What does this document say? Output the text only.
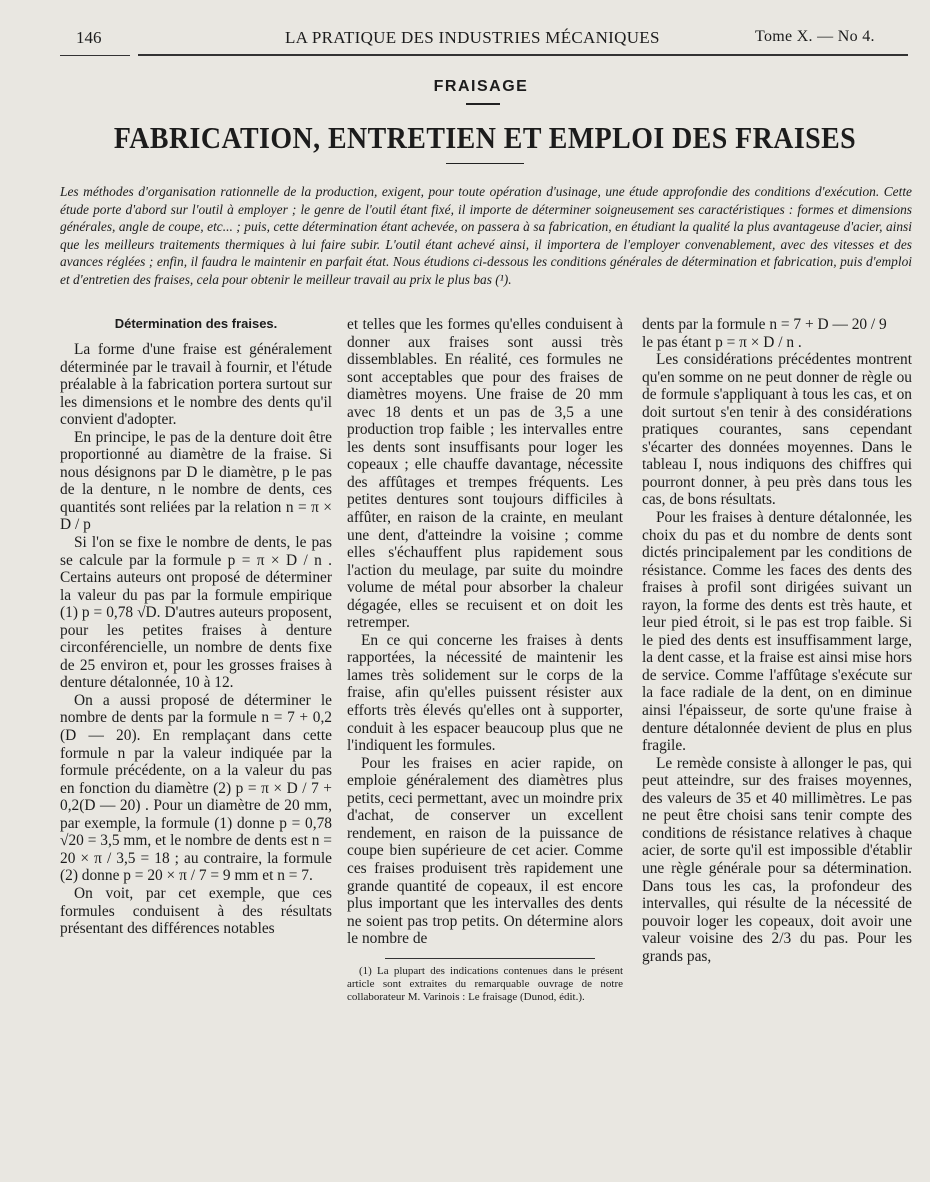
146	LA PRATIQUE DES INDUSTRIES MÉCANIQUES	Tome X. — No 4.
FRAISAGE
FABRICATION, ENTRETIEN ET EMPLOI DES FRAISES
Les méthodes d'organisation rationnelle de la production, exigent, pour toute opération d'usinage, une étude approfondie des conditions d'exécution. Cette étude porte d'abord sur l'outil à employer ; le genre de l'outil étant fixé, il importe de déterminer soigneusement ses caractéristiques : formes et dimensions générales, angle de coupe, etc... ; puis, cette détermination étant achevée, on passera à sa fabrication, en étudiant la qualité la plus avantageuse d'acier, ainsi que les meilleurs traitements thermiques à lui faire subir. L'outil étant achevé ainsi, il importera de l'employer convenablement, avec des vitesses et des avances réglées ; enfin, il faudra le maintenir en parfait état. Nous étudions ci-dessous les conditions générales de détermination et fabrication, puis d'emploi et d'entretien des fraises, cela pour obtenir le meilleur travail au prix le plus bas (¹).
Détermination des fraises.

La forme d'une fraise est généralement déterminée par le travail à fournir, et l'étude préalable à la fabrication portera surtout sur les dimensions et le nombre des dents qu'il convient d'adopter.

En principe, le pas de la denture doit être proportionné au diamètre de la fraise. Si nous désignons par D le diamètre, p le pas de la denture, n le nombre de dents, ces quantités sont reliées par la relation n = π × D / p

Si l'on se fixe le nombre de dents, le pas se calcule par la formule p = π × D / n . Certains auteurs ont proposé de déterminer la valeur du pas par la formule empirique (1) p = 0,78 √D. D'autres auteurs proposent, pour les petites fraises à denture circonférencielle, un nombre de dents fixe de 25 environ et, pour les grosses fraises à denture détalonnée, 10 à 12.

On a aussi proposé de déterminer le nombre de dents par la formule n = 7 + 0,2 (D — 20). En remplaçant dans cette formule n par la valeur indiquée par la formule précédente, on a la valeur du pas en fonction du diamètre (2) p = π × D / 7 + 0,2(D — 20) . Pour un diamètre de 20 mm, par exemple, la formule (1) donne p = 0,78 √20 = 3,5 mm, et le nombre de dents est n = 20 × π / 3,5 = 18 ; au contraire, la formule (2) donne p = 20 × π / 7 = 9 mm et n = 7.

On voit, par cet exemple, que ces formules conduisent à des résultats présentant des différences notables

et telles que les formes qu'elles conduisent à donner aux fraises sont aussi très dissemblables. En réalité, ces formules ne sont acceptables que pour des fraises de diamètres moyens. Une fraise de 20 mm avec 18 dents et un pas de 3,5 a une production trop faible ; les intervalles entre les dents sont insuffisants pour loger les copeaux ; elle chauffe davantage, nécessite des affûtages et trempes fréquents. Les petites dentures sont toujours difficiles à affûter, en raison de la crainte, en meulant une dent, d'atteindre la voisine ; comme elles s'échauffent plus rapidement sous l'action du meulage, par suite du moindre volume de métal pour absorber la chaleur dégagée, elles se recuisent et on doit les retremper.

En ce qui concerne les fraises à dents rapportées, la nécessité de maintenir les lames très solidement sur le corps de la fraise, afin qu'elles puissent résister aux efforts très élevés qu'elles ont à supporter, conduit à les espacer beaucoup plus que ne l'indiquent les formules.

Pour les fraises en acier rapide, on emploie généralement des diamètres plus petits, ceci permettant, avec un moindre prix d'achat, de conserver un excellent rendement, en raison de la puissance de coupe bien supérieure de cet acier. Comme ces fraises produisent très rapidement une grande quantité de copeaux, il est encore plus important que les intervalles des dents ne soient pas trop petits. On détermine alors le nombre de

(1) La plupart des indications contenues dans le présent article sont extraites du remarquable ouvrage de notre collaborateur M. Varinois : Le fraisage (Dunod, édit.).

dents par la formule n = 7 + D — 20 / 9

le pas étant p = π × D / n .

Les considérations précédentes montrent qu'en somme on ne peut donner de règle ou de formule s'appliquant à tous les cas, et on doit surtout s'en tenir à des considérations pratiques courantes, sans cependant s'écarter des données moyennes. Dans le tableau I, nous indiquons des chiffres qui pourront donner, à peu près dans tous les cas, de bons résultats.

Pour les fraises à denture détalonnée, les choix du pas et du nombre de dents sont dictés principalement par les conditions de résistance. Comme les faces des dents des fraises à profil sont dirigées suivant un rayon, la forme des dents est très haute, et leur pied étroit, si le pas est trop faible. Si le pied des dents est insuffisamment large, la dent casse, et la fraise est ainsi mise hors de service. Comme l'affûtage s'exécute sur la face radiale de la dent, on en diminue ainsi l'épaisseur, de sorte qu'une fraise à denture détalonnée devient de plus en plus fragile.

Le remède consiste à allonger le pas, qui peut atteindre, sur des fraises moyennes, des valeurs de 35 et 40 millimètres. Le pas ne peut être choisi sans tenir compte des conditions de résistance relatives à chaque acier, de sorte qu'il est impossible d'établir une règle générale pour sa détermination. Dans tous les cas, la profondeur des intervalles, qui résulte de la nécessité de pouvoir loger les copeaux, doit avoir une valeur voisine des 2/3 du pas. Pour les grands pas,
